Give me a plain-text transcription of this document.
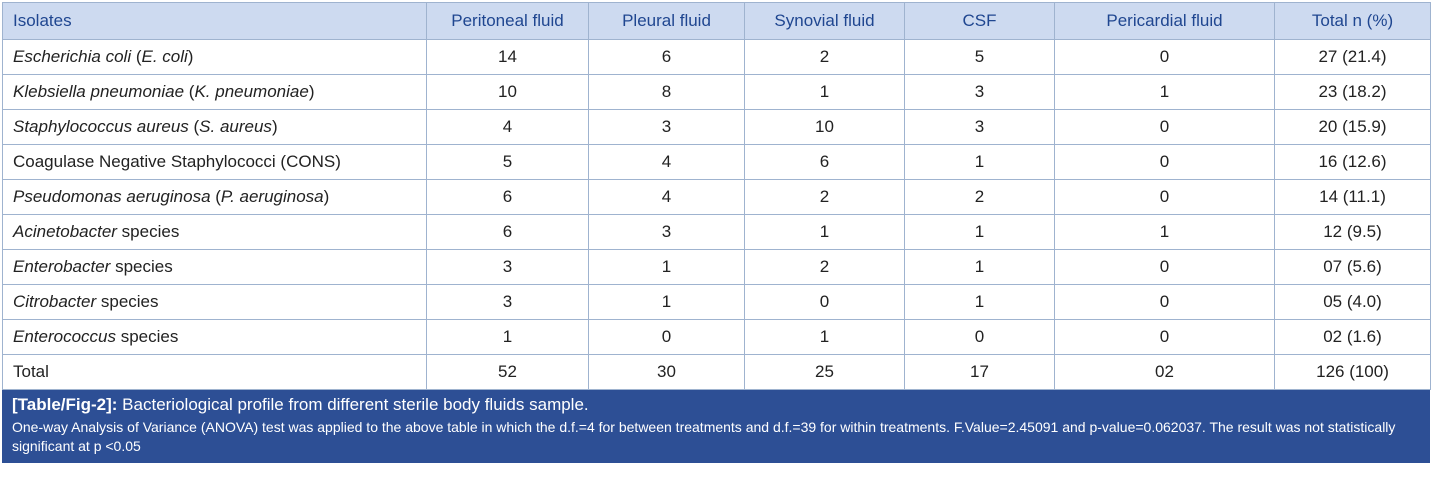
Isolates	Peritoneal fluid	Pleural fluid	Synovial fluid	CSF	Pericardial fluid	Total n (%)
Escherichia coli (E. coli)	14	6	2	5	0	27 (21.4)
Klebsiella pneumoniae (K. pneumoniae)	10	8	1	3	1	23 (18.2)
Staphylococcus aureus (S. aureus)	4	3	10	3	0	20 (15.9)
Coagulase Negative Staphylococci (CONS)	5	4	6	1	0	16 (12.6)
Pseudomonas aeruginosa (P. aeruginosa)	6	4	2	2	0	14 (11.1)
Acinetobacter species	6	3	1	1	1	12 (9.5)
Enterobacter species	3	1	2	1	0	07 (5.6)
Citrobacter species	3	1	0	1	0	05 (4.0)
Enterococcus species	1	0	1	0	0	02 (1.6)
Total	52	30	25	17	02	126 (100)
[Table/Fig-2]: Bacteriological profile from different sterile body fluids sample.
One-way Analysis of Variance (ANOVA) test was applied to the above table in which the d.f.=4 for between treatments and d.f.=39 for within treatments. F.Value=2.45091 and p-value=0.062037. The result was not statistically significant at p <0.05
